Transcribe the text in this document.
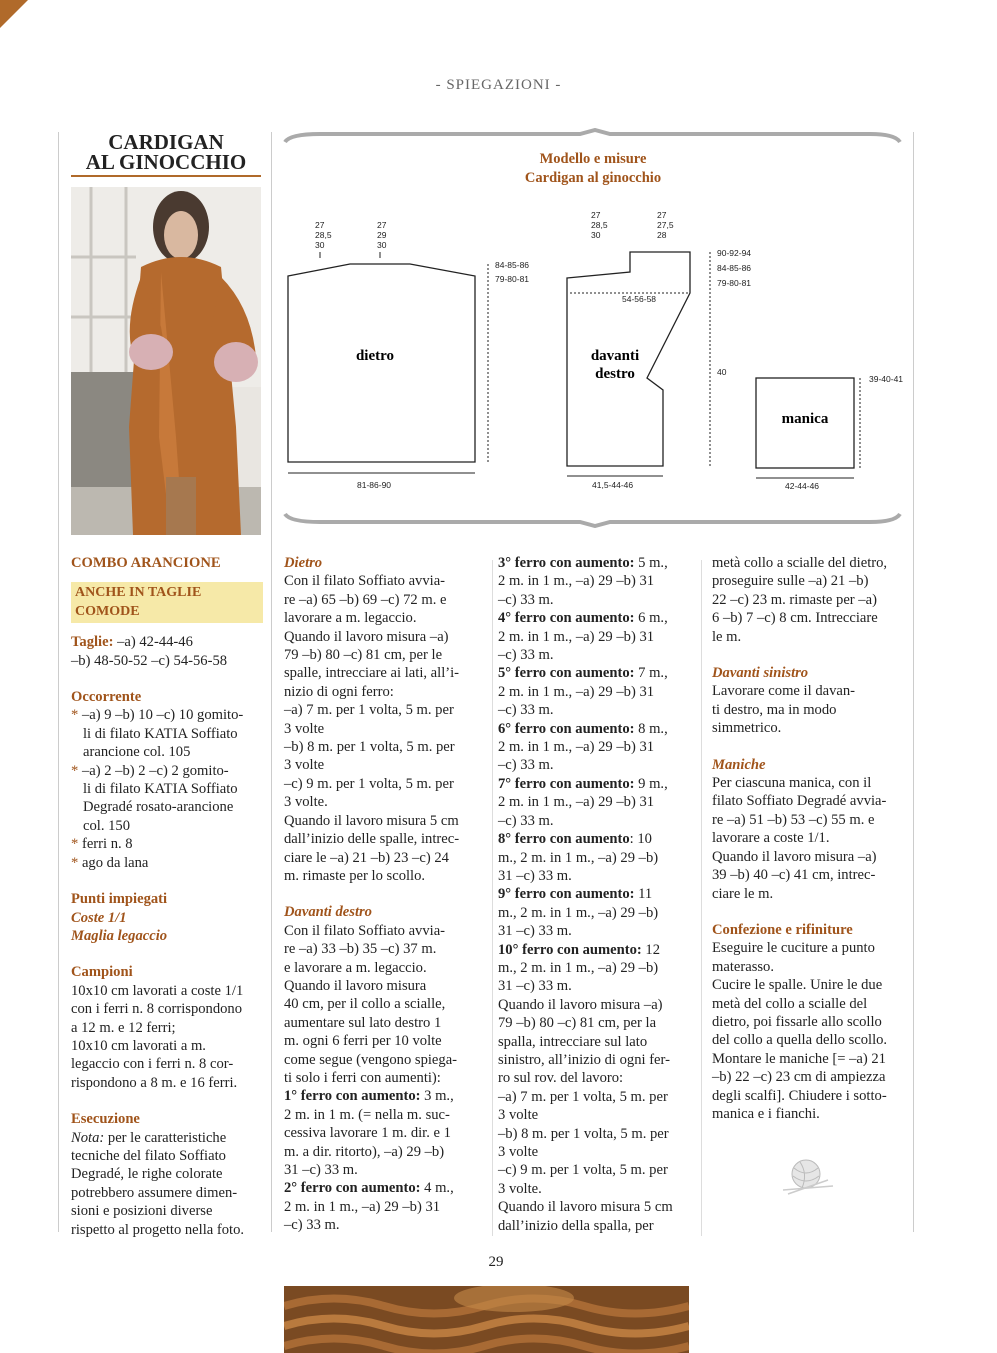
- SPIEGAZIONI -
CARDIGAN
AL GINOCCHIO	Modello e misure
Cardigan al ginocchio
dietro
27
28,5
30
27
29
30
84-85-86
79-80-81
81-86-90
davanti
destro
27
28,5
30
27
27,5
28
90-92-94
84-85-86
79-80-81
54-56-58
40
41,5-44-46
manica
39-40-41
42-44-46

COMBO ARANCIONE

ANCHE IN TAGLIE COMODE

Taglie: –a) 42-44-46

–b) 48-50-52 –c) 54-56-58

Occorrente

* –a) 9 –b) 10 –c) 10 gomito-

li di filato KATIA Soffiato

arancione col. 105

* –a) 2 –b) 2 –c) 2 gomito-

li di filato KATIA Soffiato

Degradé rosato-arancione

col. 150

* ferri n. 8

* ago da lana

Punti impiegati

Coste 1/1

Maglia legaccio

Campioni

10x10 cm lavorati a coste 1/1

con i ferri n. 8 corrispondono

a 12 m. e 12 ferri;

10x10 cm lavorati a m.

legaccio con i ferri n. 8 cor-

rispondono a 8 m. e 16 ferri.

Esecuzione

Nota: per le caratteristiche

tecniche del filato Soffiato

Degradé, le righe colorate

potrebbero assumere dimen-

sioni e posizioni diverse

rispetto al progetto nella foto.

Dietro

Con il filato Soffiato avvia-

re –a) 65 –b) 69 –c) 72 m. e

lavorare a m. legaccio.

Quando il lavoro misura –a)

79 –b) 80 –c) 81 cm, per le

spalle, intrecciare ai lati, all’i-

nizio di ogni ferro:

–a) 7 m. per 1 volta, 5 m. per

3 volte

–b) 8 m. per 1 volta, 5 m. per

3 volte

–c) 9 m. per 1 volta, 5 m. per

3 volte.

Quando il lavoro misura 5 cm

dall’inizio delle spalle, intrec-

ciare le –a) 21 –b) 23 –c) 24

m. rimaste per lo scollo.

Davanti destro

Con il filato Soffiato avvia-

re –a) 33 –b) 35 –c) 37 m.

e lavorare a m. legaccio.

Quando il lavoro misura

40 cm, per il collo a scialle,

aumentare sul lato destro 1

m. ogni 6 ferri per 10 volte

come segue (vengono spiega-

ti solo i ferri con aumenti):

1° ferro con aumento: 3 m.,

2 m. in 1 m. (= nella m. suc-

cessiva lavorare 1 m. dir. e 1

m. a dir. ritorto), –a) 29 –b)

31 –c) 33 m.

2° ferro con aumento: 4 m.,

2 m. in 1 m., –a) 29 –b) 31

–c) 33 m.

3° ferro con aumento: 5 m.,

2 m. in 1 m., –a) 29 –b) 31

–c) 33 m.

4° ferro con aumento: 6 m.,

2 m. in 1 m., –a) 29 –b) 31

–c) 33 m.

5° ferro con aumento: 7 m.,

2 m. in 1 m., –a) 29 –b) 31

–c) 33 m.

6° ferro con aumento: 8 m.,

2 m. in 1 m., –a) 29 –b) 31

–c) 33 m.

7° ferro con aumento: 9 m.,

2 m. in 1 m., –a) 29 –b) 31

–c) 33 m.

8° ferro con aumento: 10

m., 2 m. in 1 m., –a) 29 –b)

31 –c) 33 m.

9° ferro con aumento: 11

m., 2 m. in 1 m., –a) 29 –b)

31 –c) 33 m.

10° ferro con aumento: 12

m., 2 m. in 1 m., –a) 29 –b)

31 –c) 33 m.

Quando il lavoro misura –a)

79 –b) 80 –c) 81 cm, per la

spalla, intrecciare sul lato

sinistro, all’inizio di ogni fer-

ro sul rov. del lavoro:

–a) 7 m. per 1 volta, 5 m. per

3 volte

–b) 8 m. per 1 volta, 5 m. per

3 volte

–c) 9 m. per 1 volta, 5 m. per

3 volte.

Quando il lavoro misura 5 cm

dall’inizio della spalla, per

metà collo a scialle del dietro,

proseguire sulle –a) 21 –b)

22 –c) 23 m. rimaste per –a)

6 –b) 7 –c) 8 cm. Intrecciare

le m.

Davanti sinistro

Lavorare come il davan-

ti destro, ma in modo

simmetrico.

Maniche

Per ciascuna manica, con il

filato Soffiato Degradé avvia-

re –a) 51 –b) 53 –c) 55 m. e

lavorare a coste 1/1.

Quando il lavoro misura –a)

39 –b) 40 –c) 41 cm, intrec-

ciare le m.

Confezione e rifiniture

Eseguire le cuciture a punto

materasso.

Cucire le spalle. Unire le due

metà del collo a scialle del

dietro, poi fissarle allo scollo

del collo a quella dello scollo.

Montare le maniche [= –a) 21

–b) 22 –c) 23 cm di ampiezza

degli scalfi]. Chiudere i sotto-

manica e i fianchi.

29
